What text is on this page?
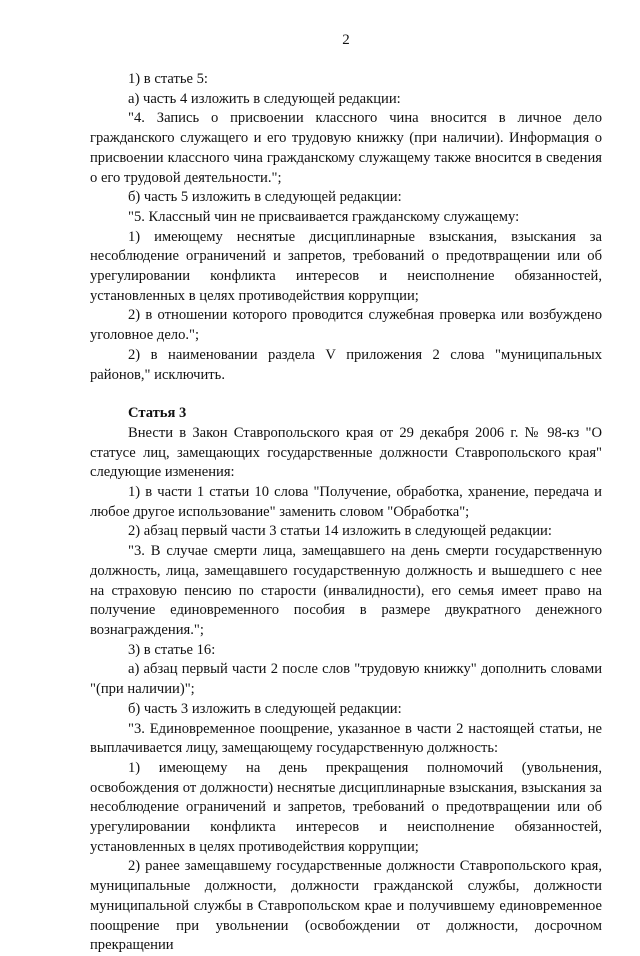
2

1) в статье 5:

а) часть 4 изложить в следующей редакции:

"4. Запись о присвоении классного чина вносится в личное дело гражданского служащего и его трудовую книжку (при наличии). Информация о присвоении классного чина гражданскому служащему также вносится в сведения о его трудовой деятельности.";

б) часть 5 изложить в следующей редакции:

"5. Классный чин не присваивается гражданскому служащему:

1) имеющему неснятые дисциплинарные взыскания, взыскания за несоблюдение ограничений и запретов, требований о предотвращении или об урегулировании конфликта интересов и неисполнение обязанностей, установленных в целях противодействия коррупции;

2) в отношении которого проводится служебная проверка или возбуждено уголовное дело.";

2) в наименовании раздела V приложения 2 слова "муниципальных районов," исключить.

Статья 3

Внести в Закон Ставропольского края от 29 декабря 2006 г. № 98-кз "О статусе лиц, замещающих государственные должности Ставропольского края" следующие изменения:

1) в части 1 статьи 10 слова "Получение, обработка, хранение, передача и любое другое использование" заменить словом "Обработка";

2) абзац первый части 3 статьи 14 изложить в следующей редакции:

"3. В случае смерти лица, замещавшего на день смерти государственную должность, лица, замещавшего государственную должность и вышедшего с нее на страховую пенсию по старости (инвалидности), его семья имеет право на получение единовременного пособия в размере двукратного денежного вознаграждения.";

3) в статье 16:

а) абзац первый части 2 после слов "трудовую книжку" дополнить словами "(при наличии)";

б) часть 3 изложить в следующей редакции:

"3. Единовременное поощрение, указанное в части 2 настоящей статьи, не выплачивается лицу, замещающему государственную должность:

1) имеющему на день прекращения полномочий (увольнения, освобождения от должности) неснятые дисциплинарные взыскания, взыскания за несоблюдение ограничений и запретов, требований о предотвращении или об урегулировании конфликта интересов и неисполнение обязанностей, установленных в целях противодействия коррупции;

2) ранее замещавшему государственные должности Ставропольского края, муниципальные должности, должности гражданской службы, должности муниципальной службы в Ставропольском крае и получившему единовременное поощрение при увольнении (освобождении от должности, досрочном прекращении
